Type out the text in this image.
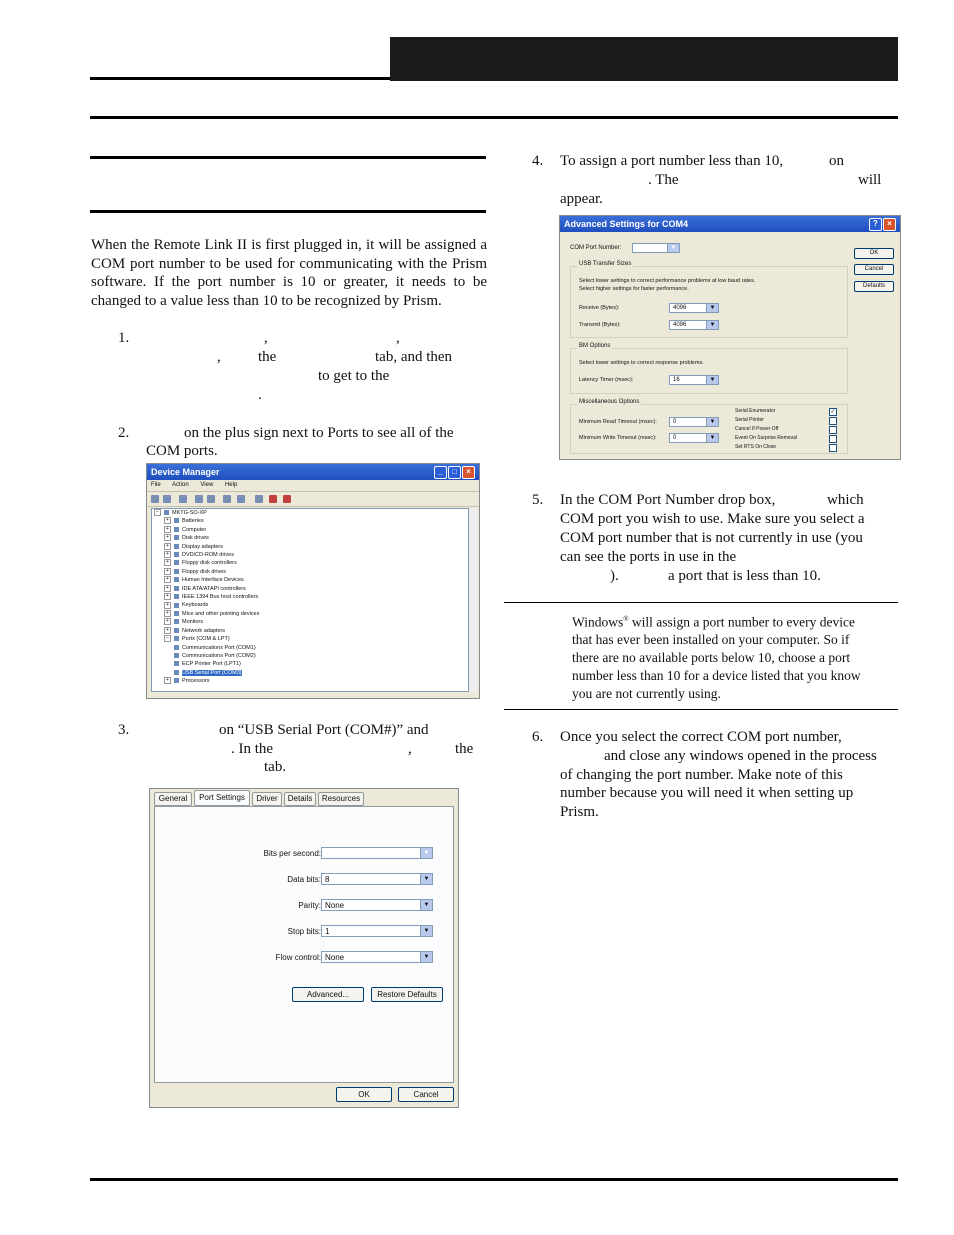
When the Remote Link II is first plugged in, it will be assigned a COM port number to be used for communicating with the Prism software. If the port number is 10 or greater, it needs to be changed to a value less than 10 to be recognized by Prism.
1.	,	,
, the	tab, and then
to get to the
.
2.	on the plus sign next to Ports to see all of the
COM ports.
Device Manager	_	□	×
File Action View Help
− MKTG-SO-XP
+ Batteries
+ Computer
+ Disk drives
+ Display adapters
+ DVD/CD-ROM drives
+ Floppy disk controllers
+ Floppy disk drives
+ Human Interface Devices
+ IDE ATA/ATAPI controllers
+ IEEE 1394 Bus host controllers
+ Keyboards
+ Mice and other pointing devices
+ Monitors
+ Network adapters
− Ports (COM & LPT)
Communications Port (COM1)
Communications Port (COM2)
ECP Printer Port (LPT1)
USB Serial Port (COM3)
+ Processors
3.	on “USB Serial Port (COM#)” and
. In the	,	the
tab.
General	Port Settings	Driver	Details	Resources
Bits per second: 9600	▼
Data bits: 8	▼
Parity: None	▼
Stop bits: 1	▼
Flow control: None	▼
Advanced...	Restore Defaults
OK	Cancel
4. To assign a port number less than 10,	on
. The	will
appear.
Advanced Settings for COM4	?	×
COM Port Number:	COM4	▼
OK
Cancel
Defaults
USB Transfer Sizes
Select lower settings to correct performance problems at low baud rates.
Select higher settings for faster performance.
Receive (Bytes):	4096	▼
Transmit (Bytes):	4096	▼
BM Options
Select lower settings to correct response problems.
Latency Timer (msec):	16	▼
Miscellaneous Options
Minimum Read Timeout (msec):	0	▼
Minimum Write Timeout (msec):	0	▼
Serial Enumerator	✓
Serial Printer
Cancel If Power Off
Event On Surprise Removal
Set RTS On Close
5. In the COM Port Number drop box,	which
COM port you wish to use. Make sure you select a
COM port number that is not currently in use (you
can see the ports in use in the
).	a port that is less than 10.
Windows® will assign a port number to every device
that has ever been installed on your computer. So if
there are no available ports below 10, choose a port
number less than 10 for a device listed that you know
you are not currently using.
6. Once you select the correct COM port number,
and close any windows opened in the process
of changing the port number. Make note of this
number because you will need it when setting up
Prism.
